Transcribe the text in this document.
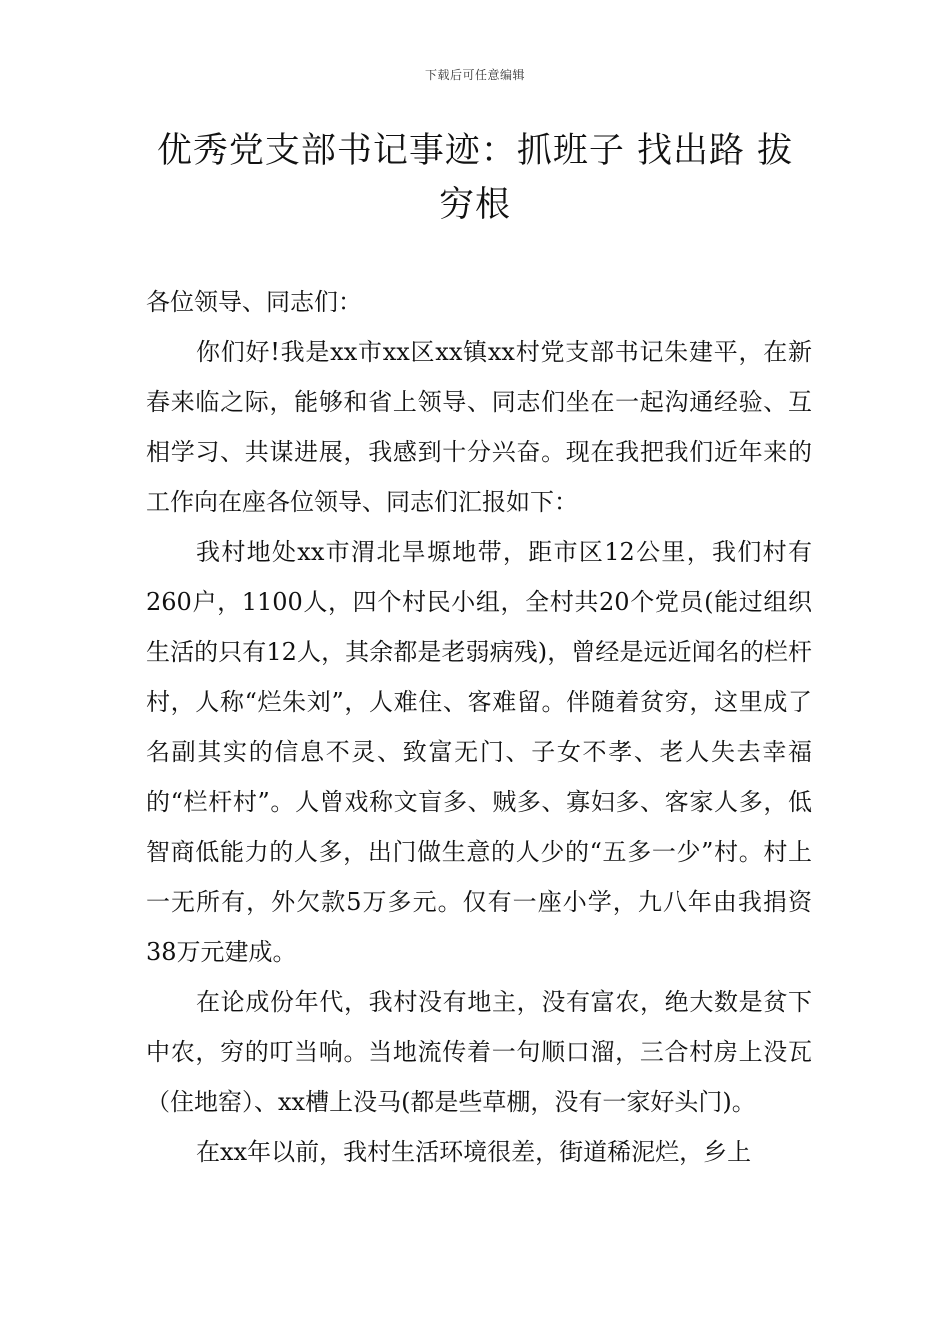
下载后可任意编辑
优秀党支部书记事迹：抓班子 找出路 拔
穷根

各位领导、同志们：

你们好!我是xx市xx区xx镇xx村党支部书记朱建平，在新春来临之际，能够和省上领导、同志们坐在一起沟通经验、互相学习、共谋进展，我感到十分兴奋。现在我把我们近年来的工作向在座各位领导、同志们汇报如下：

我村地处xx市渭北旱塬地带，距市区12公里，我们村有260户，1100人，四个村民小组，全村共20个党员(能过组织生活的只有12人，其余都是老弱病残)，曾经是远近闻名的栏杆村，人称“烂朱刘”，人难住、客难留。伴随着贫穷，这里成了名副其实的信息不灵、致富无门、子女不孝、老人失去幸福的“栏杆村”。人曾戏称文盲多、贼多、寡妇多、客家人多，低智商低能力的人多，出门做生意的人少的“五多一少”村。村上一无所有，外欠款5万多元。仅有一座小学，九八年由我捐资38万元建成。

在论成份年代，我村没有地主，没有富农，绝大数是贫下中农，穷的叮当响。当地流传着一句顺口溜，三合村房上没瓦（住地窑）、xx槽上没马(都是些草棚，没有一家好头门)。

在xx年以前，我村生活环境很差，街道稀泥烂，乡上
